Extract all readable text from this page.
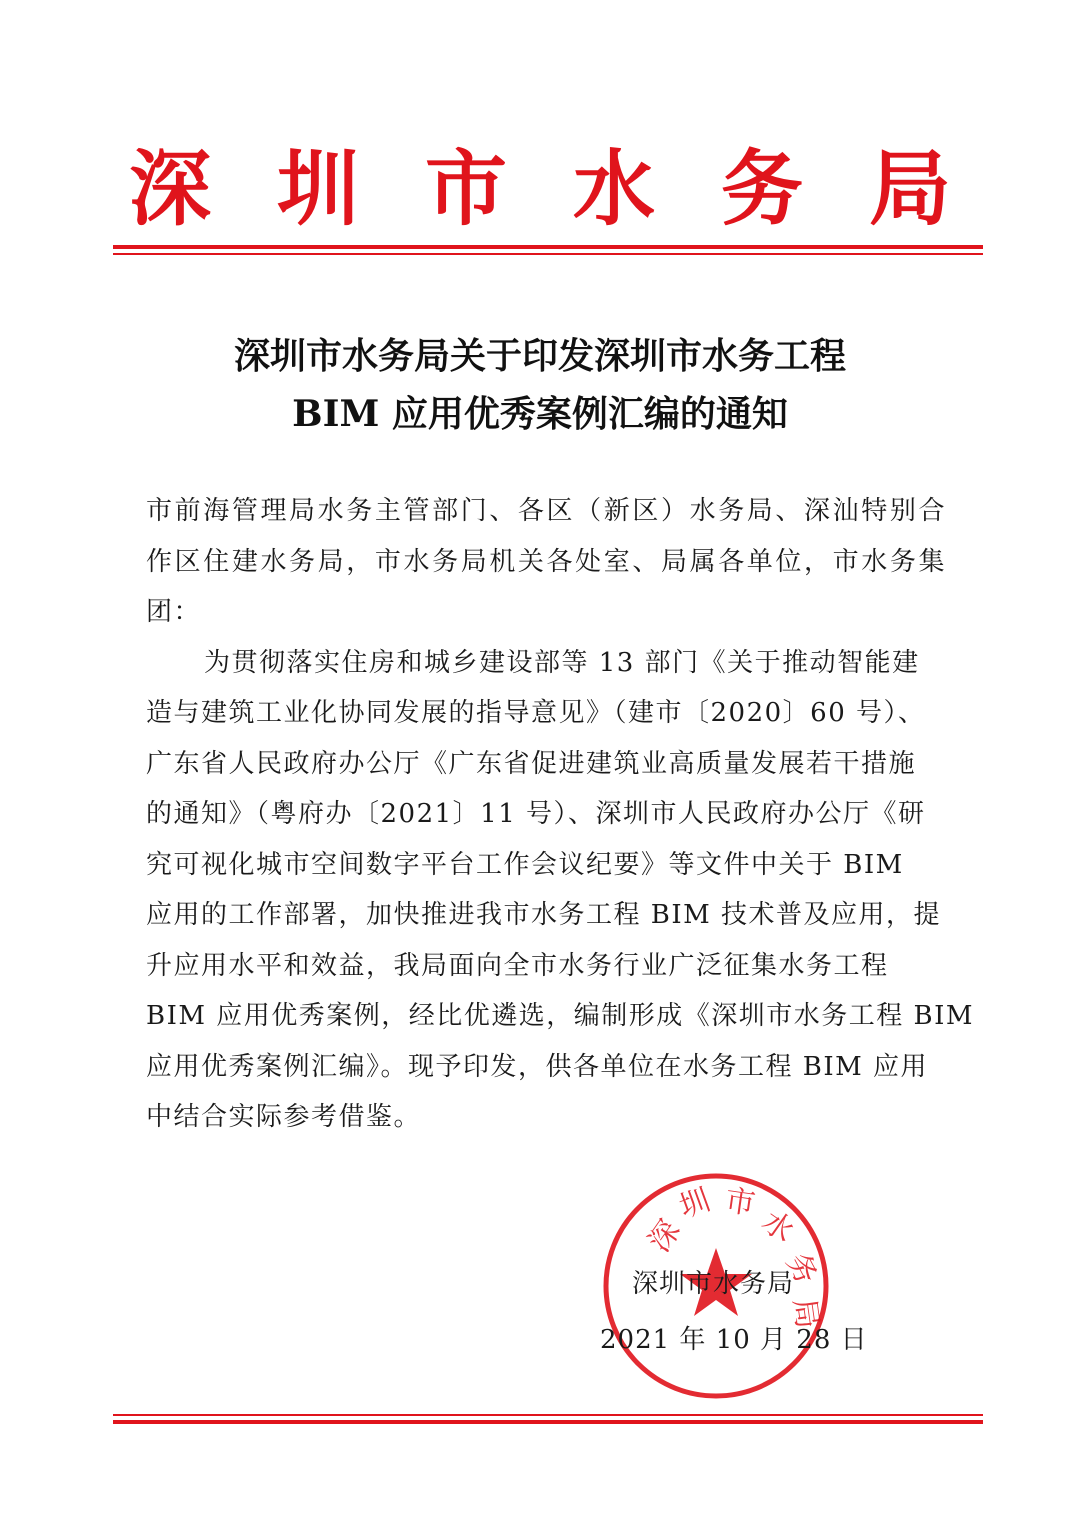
深圳市水务局
深圳市水务局关于印发深圳市水务工程
BIM 应用优秀案例汇编的通知
市 前 海 管 理 局 水 务 主 管 部 门 、 各 区 （ 新 区 ） 水 务 局 、 深 汕 特 别 合
作 区 住 建 水 务 局 ， 市 水 务 局 机 关 各 处 室 、 局 属 各 单 位 ， 市 水 务 集
团：
为贯彻落实住房和城乡建设部等 13 部门《关于推动智能建
造与建筑工业化协同发展的指导意见》（建市〔2020〕60 号）、
广东省人民政府办公厅《广东省促进建筑业高质量发展若干措施
的通知》（粤府办〔2021〕11 号）、深圳市人民政府办公厅《研
究可视化城市空间数字平台工作会议纪要》等文件中关于 BIM
应用的工作部署，加快推进我市水务工程 BIM 技术普及应用，提
升应用水平和效益，我局面向全市水务行业广泛征集水务工程
BIM 应用优秀案例，经比优遴选，编制形成《深圳市水务工程 BIM
应用优秀案例汇编》。现予印发，供各单位在水务工程 BIM 应用
中结合实际参考借鉴。
深
圳 市
水
务
局
深圳市水务局
2021 年 10 月 28 日
